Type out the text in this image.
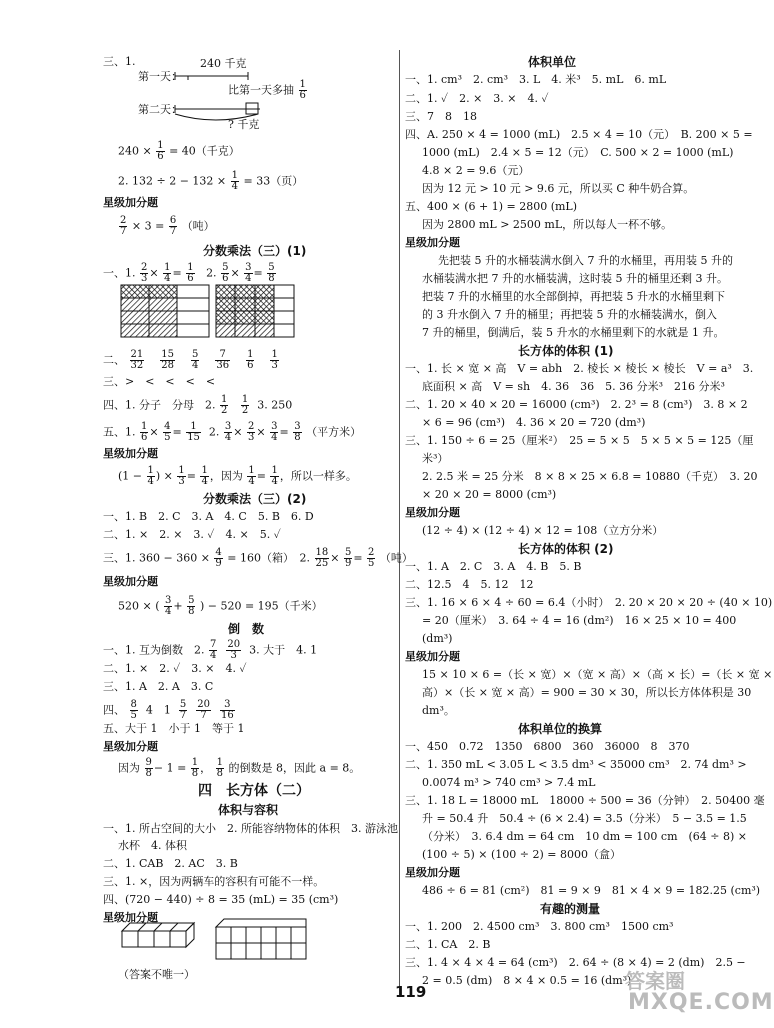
三、1.	240 千克
第一天：
比第一天多抽 $\frac{1}{6}$
第二天：
? 千克
$240 \times \frac{1}{6} = 40$（千克）
2. $132 \div 2 - 132 \times \frac{1}{4} = 33$（页）
星级加分题
$\frac{2}{7} \times 3 = \frac{6}{7}$ （吨）
分数乘法（三）(1)
一、1. $\frac{2}{3} \times \frac{1}{4} = \frac{1}{6} 2$. $\frac{5}{6} \times \frac{3}{4} = \frac{5}{8}$
二、 $\frac{21}{32}$
$\frac{15}{28}$
$\frac{5}{4}$
$\frac{7}{36}$
$\frac{1}{6}$
$\frac{1}{3}$
三、>　<　<　<　<
四、1. 分子　分母　2. $\frac{1}{2}$
$\frac{1}{2} 3$. 250
五、1. $\frac{1}{6} \times \frac{4}{5} = \frac{1}{15} 2$. $\frac{3}{4} \times \frac{2}{3} \times \frac{3}{4} = \frac{3}{8}$ （平方米）
星级加分题
($1 - \frac{1}{4}$ ) × $\frac{1}{3} = \frac{1}{4}$ ，因为 $\frac{1}{4} = \frac{1}{4}$ ，所以一样多。
分数乘法（三）(2)
一、1. B　2. C　3. A　4. C　5. B　6. D
二、1. ×　2. ×　3. ✓　4. ×　5. ✓
三、1. $360 - 360 \times \frac{4}{9} = 160$（箱）　2. $\frac{18}{25} \times \frac{5}{9} = \frac{2}{5}$ （吨）
星级加分题
520 × ( $\frac{3}{4} + \frac{5}{8}$ ) − 520 = 195（千米）
倒　数
一、1. 互为倒数　2. $\frac{7}{4}$
$\frac{20}{3} 3$. 大于　4. 1
二、1. ×　2. ✓　3. ×　4. ✓
三、1. A　2. A　3. C
四、 $\frac{8}{5} 4$　$1 \frac{5}{7}$
$\frac{20}{7}$
$\frac{3}{16}$
五、大于 1　小于 1　等于 1
星级加分题
因为 $\frac{9}{8} - 1 = \frac{1}{8}$ ， $\frac{1}{8}$ 的倒数是 8，因此 a = 8。
四　长方体（二）
体积与容积
一、1. 所占空间的大小　2. 所能容纳物体的体积　3. 游泳池
水杯　4. 体积
二、1. CAB　2. AC　3. B
三、1. ×，因为两辆车的容积有可能不一样。
四、(720 − 440) ÷ 8 = 35 (mL) = 35 (cm³)
星级加分题
（答案不唯一）
体积单位
一、1. cm³　2. cm³　3. L　4. 米³　5. mL　6. mL
二、1. ✓　2. ×　3. ×　4. ✓
三、7　8　18
四、A. 250 × 4 = 1000 (mL)　2.5 × 4 = 10（元）　B. 200 × 5 =
1000 (mL)　2.4 × 5 = 12（元）　C. 500 × 2 = 1000 (mL)
4.8 × 2 = 9.6（元）
因为 12 元 > 10 元 > 9.6 元，所以买 C 种牛奶合算。
五、400 × (6 + 1) = 2800 (mL)
因为 2800 mL > 2500 mL，所以每人一杯不够。
星级加分题
先把装 5 升的水桶装满水倒入 7 升的水桶里，再用装 5 升的
水桶装满水把 7 升的水桶装满，这时装 5 升的桶里还剩 3 升。
把装 7 升的水桶里的水全部倒掉，再把装 5 升水的水桶里剩下
的 3 升水倒入 7 升的桶里；再把装 5 升的水桶装满水，倒入
7 升的桶里，倒满后，装 5 升水的水桶里剩下的水就是 1 升。
长方体的体积 (1)
一、1. 长 × 宽 × 高　V = abh　2. 棱长 × 棱长 × 棱长　V = a³　3.
底面积 × 高　V = sh　4. 36　36　5. 36 分米³　216 分米³
二、1. 20 × 40 × 20 = 16000 (cm³)　2. 2³ = 8 (cm³)　3. 8 × 2
× 6 = 96 (cm³)　4. 36 × 20 = 720 (dm³)
三、1. 150 ÷ 6 = 25（厘米²）　25 = 5 × 5　5 × 5 × 5 = 125（厘
米³）
2. 2.5 米 = 25 分米　8 × 8 × 25 × 6.8 = 10880（千克）　3. 20
× 20 × 20 = 8000 (cm³)
星级加分题
(12 ÷ 4) × (12 ÷ 4) × 12 = 108（立方分米）
长方体的体积 (2)
一、1. A　2. C　3. A　4. B　5. B
二、12.5　4　5. 12　12
三、1. 16 × 6 × 4 ÷ 60 = 6.4（小时）　2. 20 × 20 × 20 ÷ (40 × 10)
= 20（厘米）　3. 64 ÷ 4 = 16 (dm²)　16 × 25 × 10 = 400
(dm³)
星级加分题
15 × 10 × 6 =（长 × 宽）×（宽 × 高）×（高 × 长）=（长 × 宽 ×
高）×（长 × 宽 × 高）= 900 = 30 × 30，所以长方体体积是 30
dm³。
体积单位的换算
一、450　0.72　1350　6800　360　36000　8　370
二、1. 350 mL < 3.05 L < 3.5 dm³ < 35000 cm³　2. 74 dm³ >
0.0074 m³ > 740 cm³ > 7.4 mL
三、1. 18 L = 18000 mL　18000 ÷ 500 = 36（分钟）　2. 50400 毫
升 = 50.4 升　50.4 ÷ (6 × 2.4) = 3.5（分米）　5 − 3.5 = 1.5
（分米）　3. 6.4 dm = 64 cm　10 dm = 100 cm　(64 ÷ 8) ×
(100 ÷ 5) × (100 ÷ 2) = 8000（盒）
星级加分题
486 ÷ 6 = 81 (cm²)　81 = 9 × 9　81 × 4 × 9 = 182.25 (cm³)
有趣的测量
一、1. 200　2. 4500 cm³　3. 800 cm³　1500 cm³
二、1. CA　2. B
三、1. 4 × 4 × 4 = 64 (cm³)　2. 64 ÷ (8 × 4) = 2 (dm)　2.5 −
2 = 0.5 (dm)　8 × 4 × 0.5 = 16 (dm³)
119	答案圈
MXQE.COM
